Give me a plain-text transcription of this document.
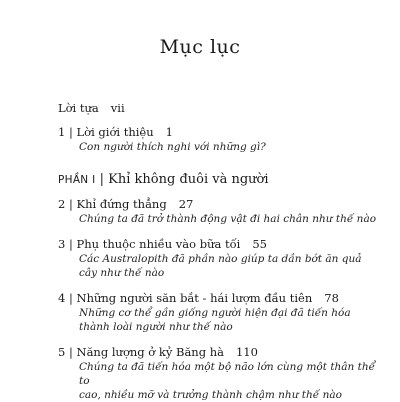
Mục lục
Lời tựa vii
1 | Lời giới thiệu 1
Con người thích nghi với những gì?
PHẦN I | Khỉ không đuôi và người
2 | Khỉ đứng thẳng 27
Chúng ta đã trở thành động vật đi hai chân như thế nào
3 | Phụ thuộc nhiều vào bữa tối 55
Các Australopith đã phần nào giúp ta dần bớt ăn quả
cây như thế nào
4 | Những người săn bắt - hái lượm đầu tiên 78
Những cơ thể gần giống người hiện đại đã tiến hóa
thành loài người như thế nào
5 | Năng lượng ở kỷ Băng hà 110
Chúng ta đã tiến hóa một bộ não lớn cùng một thân thể to
cao, nhiều mỡ và trưởng thành chậm như thế nào
